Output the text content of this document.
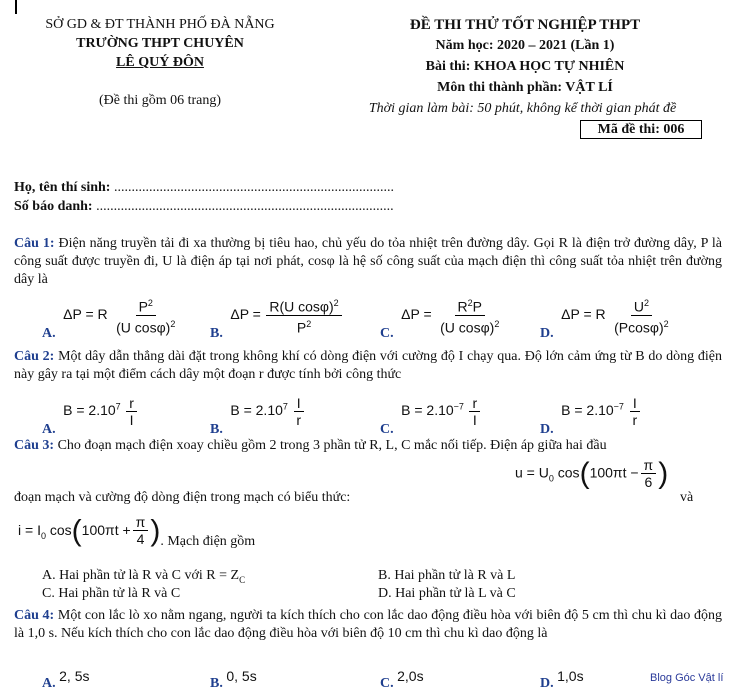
SỞ GD & ĐT THÀNH PHỐ ĐÀ NẴNG
TRƯỜNG THPT CHUYÊN
LÊ QUÝ ĐÔN
(Đề thi gồm 06 trang)
ĐỀ THI THỬ TỐT NGHIỆP THPT
Năm học: 2020 – 2021 (Lần 1)
Bài thi: KHOA HỌC TỰ NHIÊN
Môn thi thành phần: VẬT LÍ
Thời gian làm bài: 50 phút, không kể thời gian phát đề
Mã đề thi: 006
Họ, tên thí sinh: ................................................................................
Số báo danh: .....................................................................................
Câu 1: Điện năng truyền tải đi xa thường bị tiêu hao, chủ yếu do tỏa nhiệt trên đường dây. Gọi R là điện trở đường dây, P là công suất được truyền đi, U là điện áp tại nơi phát, cosφ là hệ số công suất của mạch điện thì công suất tỏa nhiệt trên đường dây là
A. ΔP = R $\frac{P^2}{(U \cos\varphi)^2} B$. $\Delta P = \frac{R(U \cos\varphi)^2}{P^2}$	C. $\Delta P = \frac{R^2P}{(U \cos\varphi)^2}$	D. ΔP = R $\frac{U^2}{(Pcos\varphi)^2}$
Câu 2: Một dây dẫn thẳng dài đặt trong không khí có dòng điện với cường độ I chạy qua. Độ lớn cảm ứng từ B do dòng điện này gây ra tại một điểm cách dây một đoạn r được tính bởi công thức
A. $B = 2.10^7 \frac{r}{I}$
B. $B = 2.10^7 \frac{I}{r}$
C. $B = 2.10^{-7} \frac{r}{I}$
D. $B = 2.10^{-7} \frac{I}{r}$
Câu 3: Cho đoạn mạch điện xoay chiều gồm 2 trong 3 phần tử R, L, C mắc nối tiếp. Điện áp giữa hai đầu
đoạn mạch và cường độ dòng điện trong mạch có biểu thức:
$u = U_0$ $\cos(100\pi t - \frac{\pi}{6}$ )
và
$i = I_0$ $\cos(100\pi t + \frac{\pi}{4}$ ). Mạch điện gồm
A. Hai phần tử là R và C với $R = Z_C$	B. Hai phần tử là R và L
C. Hai phần tử là R và C	D. Hai phần tử là L và C
Câu 4: Một con lắc lò xo nằm ngang, người ta kích thích cho con lắc dao động điều hòa với biên độ 5 cm thì chu kì dao động là 1,0 s. Nếu kích thích cho con lắc dao động điều hòa với biên độ 10 cm thì chu kì dao động là
A. 2, 5s	B. 0, 5s	C. 2,0s	D. 1,0s	Blog Góc Vật lí
